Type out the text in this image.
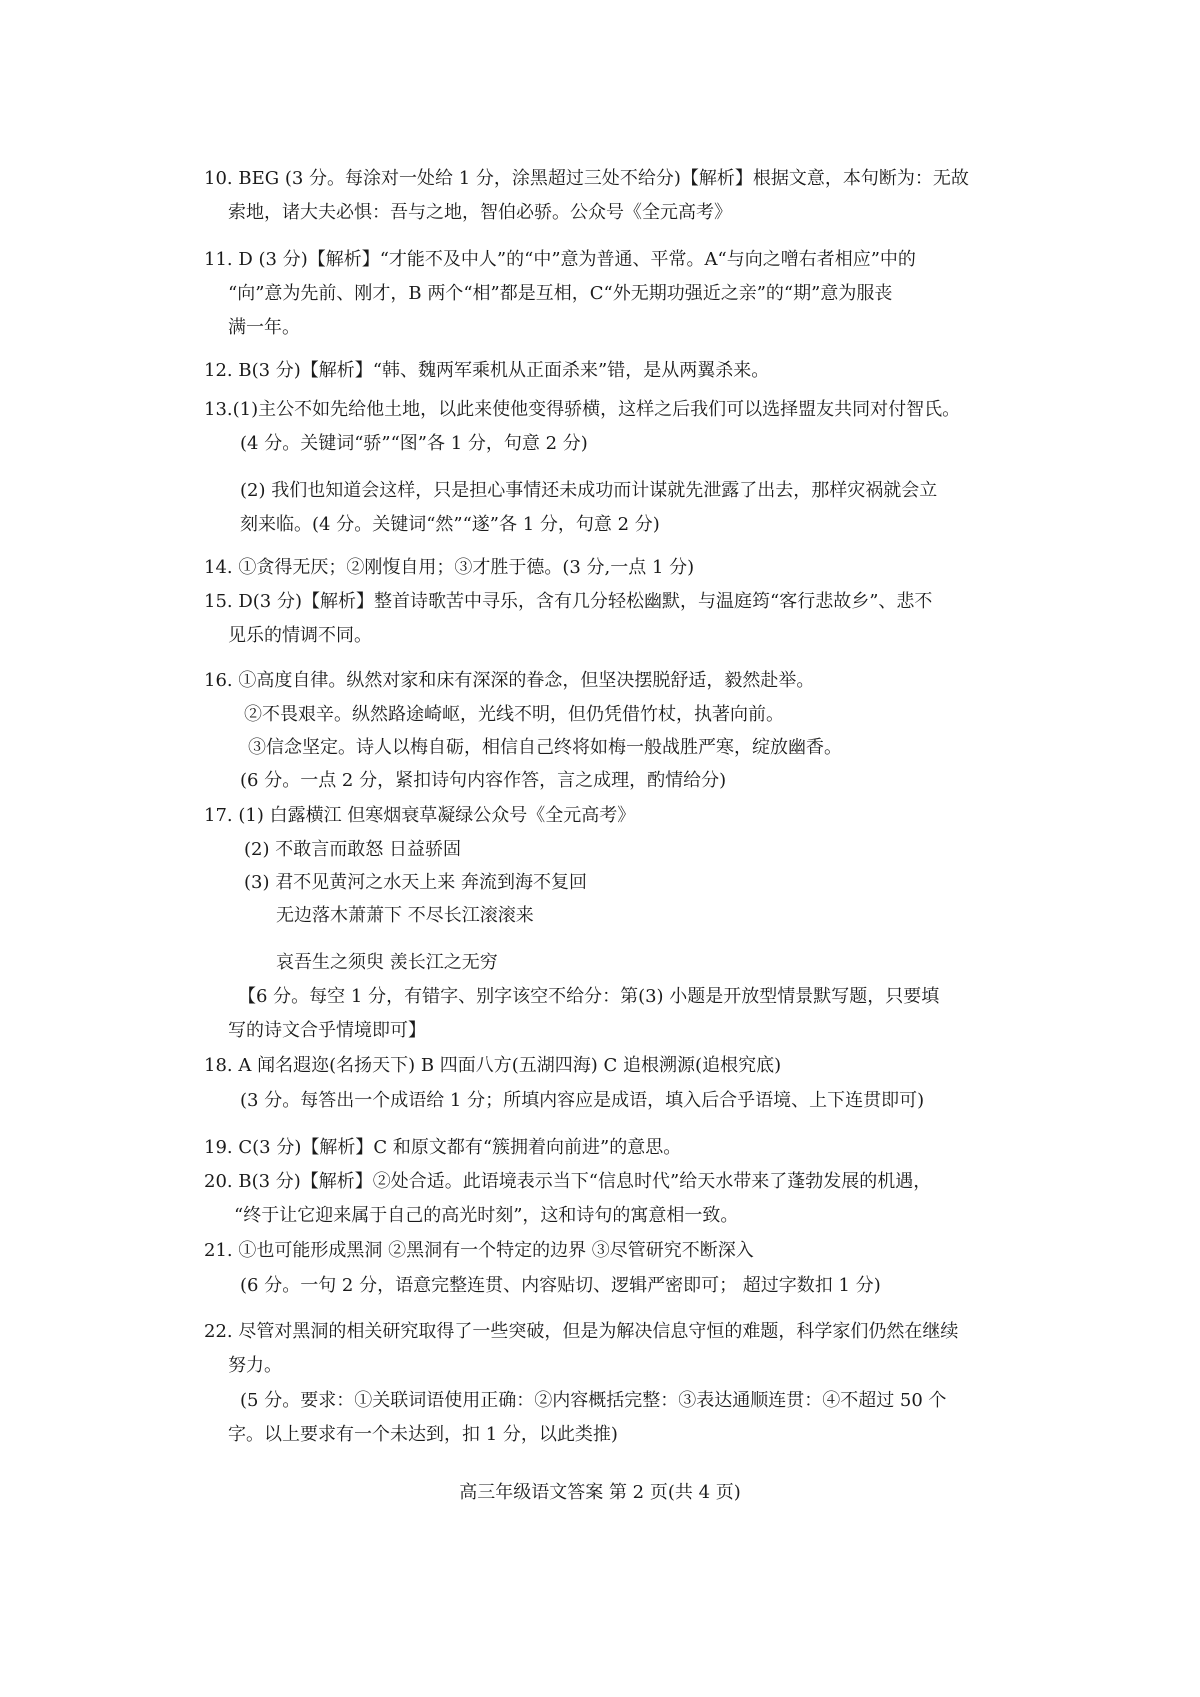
10. BEG (3 分。每涂对一处给 1 分，涂黑超过三处不给分)【解析】根据文意，本句断为：无故
索地，诸大夫必惧：吾与之地，智伯必骄。公众号《全元高考》
11. D (3 分)【解析】“才能不及中人”的“中”意为普通、平常。A“与向之噌右者相应”中的
“向”意为先前、刚才，B 两个“相”都是互相，C“外无期功强近之亲”的“期”意为服丧
满一年。
12. B(3 分)【解析】“韩、魏两军乘机从正面杀来”错，是从两翼杀来。
13.(1)主公不如先给他土地，以此来使他变得骄横，这样之后我们可以选择盟友共同对付智氏。
(4 分。关键词“骄”“图”各 1 分，句意 2 分)
(2) 我们也知道会这样，只是担心事情还未成功而计谋就先泄露了出去，那样灾祸就会立
刻来临。(4 分。关键词“然”“遂”各 1 分，句意 2 分)
14. ①贪得无厌；②刚愎自用；③才胜于德。(3 分,一点 1 分)
15. D(3 分)【解析】整首诗歌苦中寻乐，含有几分轻松幽默，与温庭筠“客行悲故乡”、悲不
见乐的情调不同。
16. ①高度自律。纵然对家和床有深深的眷念，但坚决摆脱舒适，毅然赴举。
②不畏艰辛。纵然路途崎岖，光线不明，但仍凭借竹杖，执著向前。
③信念坚定。诗人以梅自砺，相信自己终将如梅一般战胜严寒，绽放幽香。
(6 分。一点 2 分，紧扣诗句内容作答，言之成理，酌情给分)
17. (1) 白露横江 但寒烟衰草凝绿公众号《全元高考》
(2) 不敢言而敢怒 日益骄固
(3) 君不见黄河之水天上来 奔流到海不复回
无边落木萧萧下 不尽长江滚滚来
哀吾生之须臾 羡长江之无穷
【6 分。每空 1 分，有错字、别字该空不给分：第(3) 小题是开放型情景默写题，只要填
写的诗文合乎情境即可】
18. A 闻名遐迩(名扬天下) B 四面八方(五湖四海) C 追根溯源(追根究底)
(3 分。每答出一个成语给 1 分；所填内容应是成语，填入后合乎语境、上下连贯即可)
19. C(3 分)【解析】C 和原文都有“簇拥着向前进”的意思。
20. B(3 分)【解析】②处合适。此语境表示当下“信息时代”给天水带来了蓬勃发展的机遇，
“终于让它迎来属于自己的高光时刻”，这和诗句的寓意相一致。
21. ①也可能形成黑洞 ②黑洞有一个特定的边界 ③尽管研究不断深入
(6 分。一句 2 分，语意完整连贯、内容贴切、逻辑严密即可； 超过字数扣 1 分)
22. 尽管对黑洞的相关研究取得了一些突破，但是为解决信息守恒的难题，科学家们仍然在继续
努力。
(5 分。要求：①关联词语使用正确：②内容概括完整：③表达通顺连贯：④不超过 50 个
字。以上要求有一个未达到，扣 1 分，以此类推)
高三年级语文答案 第 2 页(共 4 页)
